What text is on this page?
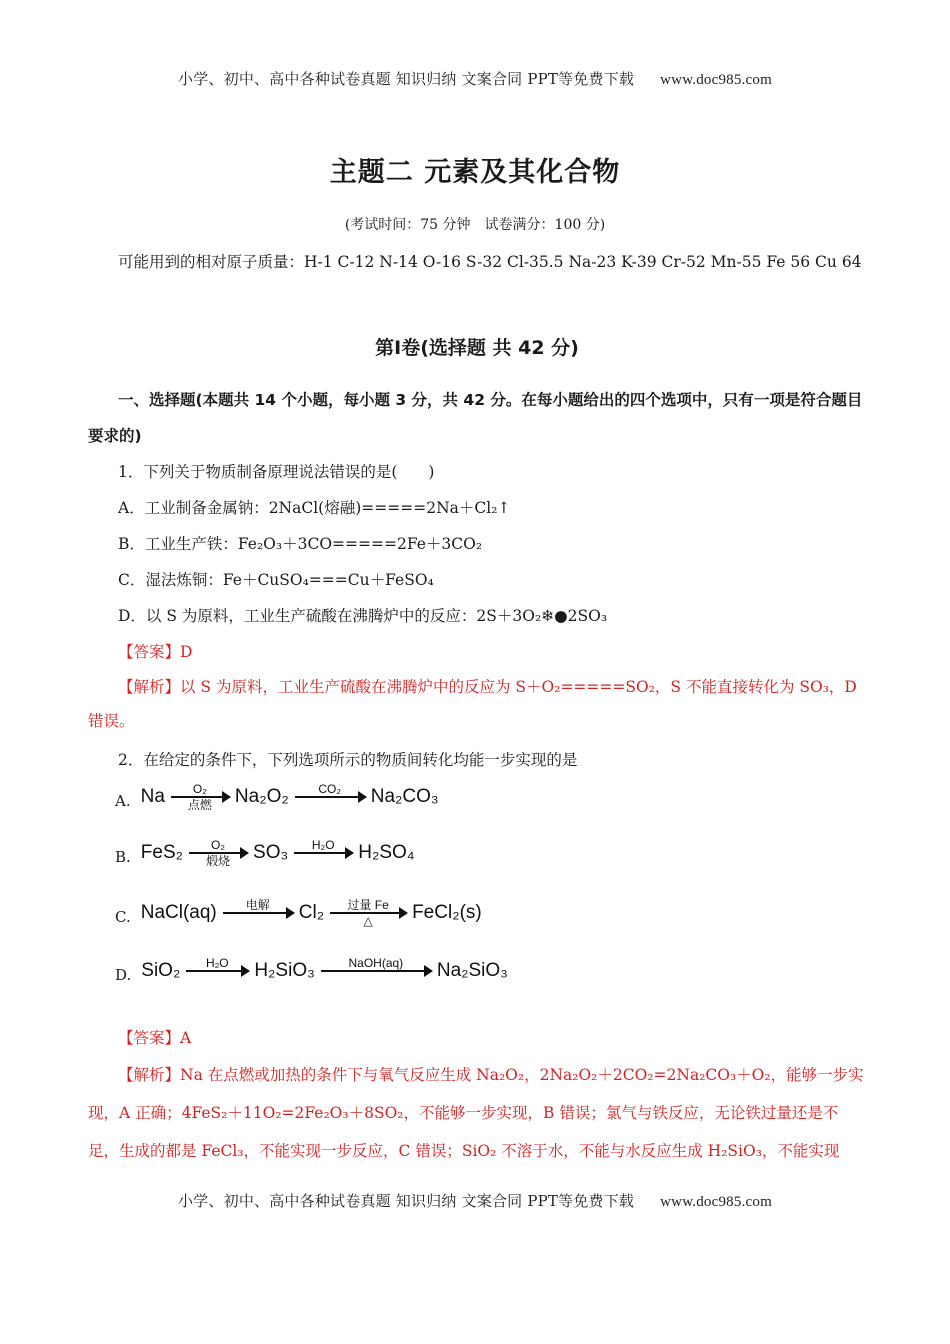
小学、初中、高中各种试卷真题 知识归纳 文案合同 PPT等免费下载 www.doc985.com
主题二 元素及其化合物
(考试时间：75 分钟　试卷满分：100 分)
可能用到的相对原子质量：H-1 C-12 N-14 O-16 S-32 Cl-35.5 Na-23 K-39 Cr-52 Mn-55 Fe 56 Cu 64
第Ⅰ卷(选择题 共 42 分)
一、选择题(本题共 14 个小题，每小题 3 分，共 42 分。在每小题给出的四个选项中，只有一项是符合题目要求的)
1．下列关于物质制备原理说法错误的是(　　)
A．工业制备金属钠：2NaCl(熔融)=====2Na＋Cl₂↑
B．工业生产铁：Fe₂O₃＋3CO=====2Fe＋3CO₂
C．湿法炼铜：Fe＋CuSO₄===Cu＋FeSO₄
D．以 S 为原料，工业生产硫酸在沸腾炉中的反应：2S＋3O₂❄●2SO₃
【答案】D
【解析】以 S 为原料，工业生产硫酸在沸腾炉中的反应为 S＋O₂=====SO₂，S 不能直接转化为 SO₃，D 错误。
2．在给定的条件下，下列选项所示的物质间转化均能一步实现的是
A. Na O₂
点燃 Na₂O₂ CO₂ Na₂CO₃
B. FeS₂ O₂
煅烧 SO₃ H₂O H₂SO₄
C. NaCl(aq) 电解 Cl₂ 过量 Fe
△ FeCl₂(s)
D. SiO₂ H₂O H₂SiO₃	NaOH(aq) Na₂SiO₃
【答案】A
【解析】Na 在点燃或加热的条件下与氧气反应生成 Na₂O₂，2Na₂O₂＋2CO₂=2Na₂CO₃＋O₂，能够一步实现，A 正确；4FeS₂＋11O₂=2Fe₂O₃＋8SO₂，不能够一步实现，B 错误；氯气与铁反应，无论铁过量还是不足，生成的都是 FeCl₃，不能实现一步反应，C 错误；SiO₂ 不溶于水，不能与水反应生成 H₂SiO₃，不能实现
小学、初中、高中各种试卷真题 知识归纳 文案合同 PPT等免费下载 www.doc985.com
